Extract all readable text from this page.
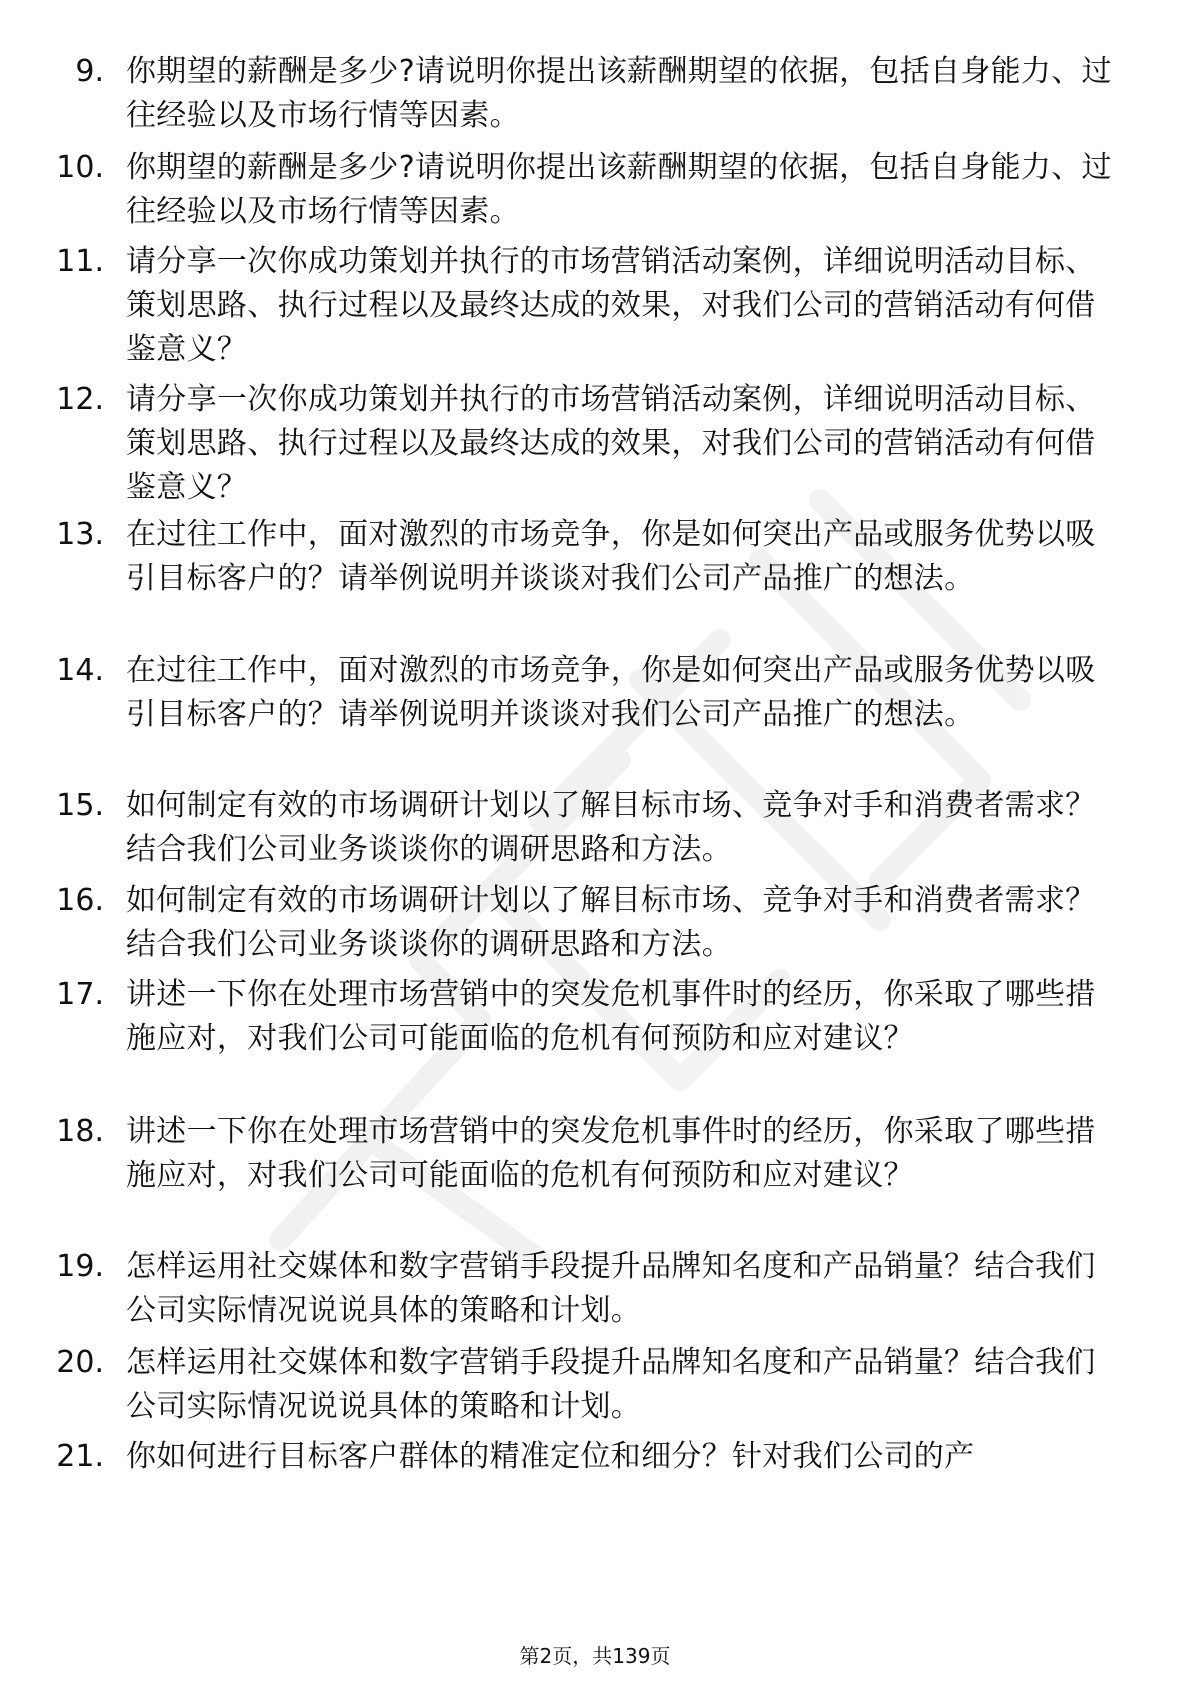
9. 你期望的薪酬是多少?请说明你提出该薪酬期望的依据，包括自身能力、过往经验以及市场行情等因素。
10. 你期望的薪酬是多少?请说明你提出该薪酬期望的依据，包括自身能力、过往经验以及市场行情等因素。
11. 请分享一次你成功策划并执行的市场营销活动案例，详细说明活动目标、策划思路、执行过程以及最终达成的效果，对我们公司的营销活动有何借鉴意义？
12. 请分享一次你成功策划并执行的市场营销活动案例，详细说明活动目标、策划思路、执行过程以及最终达成的效果，对我们公司的营销活动有何借鉴意义？
13. 在过往工作中，面对激烈的市场竞争，你是如何突出产品或服务优势以吸引目标客户的？请举例说明并谈谈对我们公司产品推广的想法。
14. 在过往工作中，面对激烈的市场竞争，你是如何突出产品或服务优势以吸引目标客户的？请举例说明并谈谈对我们公司产品推广的想法。
15. 如何制定有效的市场调研计划以了解目标市场、竞争对手和消费者需求？结合我们公司业务谈谈你的调研思路和方法。
16. 如何制定有效的市场调研计划以了解目标市场、竞争对手和消费者需求？结合我们公司业务谈谈你的调研思路和方法。
17. 讲述一下你在处理市场营销中的突发危机事件时的经历，你采取了哪些措施应对，对我们公司可能面临的危机有何预防和应对建议？
18. 讲述一下你在处理市场营销中的突发危机事件时的经历，你采取了哪些措施应对，对我们公司可能面临的危机有何预防和应对建议？
19. 怎样运用社交媒体和数字营销手段提升品牌知名度和产品销量？结合我们公司实际情况说说具体的策略和计划。
20. 怎样运用社交媒体和数字营销手段提升品牌知名度和产品销量？结合我们公司实际情况说说具体的策略和计划。
21. 你如何进行目标客户群体的精准定位和细分？针对我们公司的产
第2页，共139页
